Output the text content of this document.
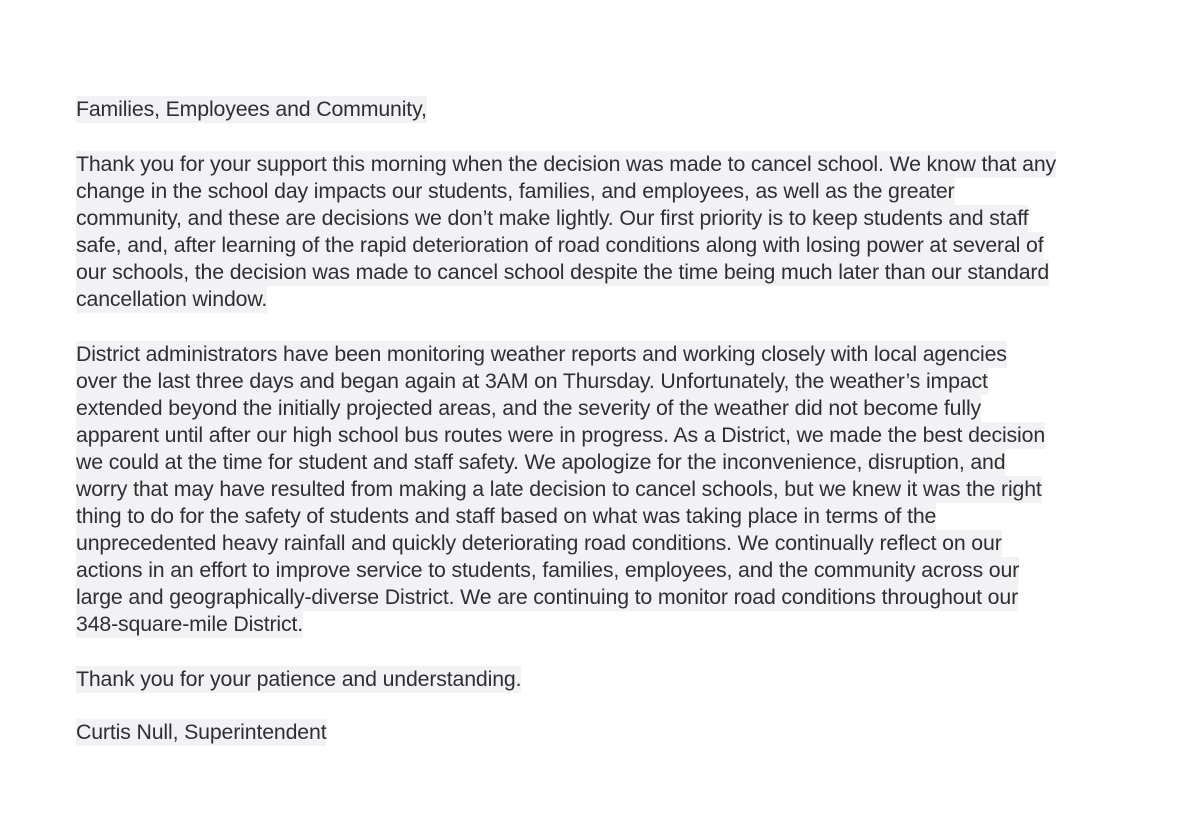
Families, Employees and Community,
Thank you for your support this morning when the decision was made to cancel school. We know that any
change in the school day impacts our students, families, and employees, as well as the greater
community, and these are decisions we don’t make lightly. Our first priority is to keep students and staff
safe, and, after learning of the rapid deterioration of road conditions along with losing power at several of
our schools, the decision was made to cancel school despite the time being much later than our standard
cancellation window.
District administrators have been monitoring weather reports and working closely with local agencies
over the last three days and began again at 3AM on Thursday. Unfortunately, the weather’s impact
extended beyond the initially projected areas, and the severity of the weather did not become fully
apparent until after our high school bus routes were in progress. As a District, we made the best decision
we could at the time for student and staff safety. We apologize for the inconvenience, disruption, and
worry that may have resulted from making a late decision to cancel schools, but we knew it was the right
thing to do for the safety of students and staff based on what was taking place in terms of the
unprecedented heavy rainfall and quickly deteriorating road conditions. We continually reflect on our
actions in an effort to improve service to students, families, employees, and the community across our
large and geographically-diverse District. We are continuing to monitor road conditions throughout our
348-square-mile District.
Thank you for your patience and understanding.
Curtis Null, Superintendent
